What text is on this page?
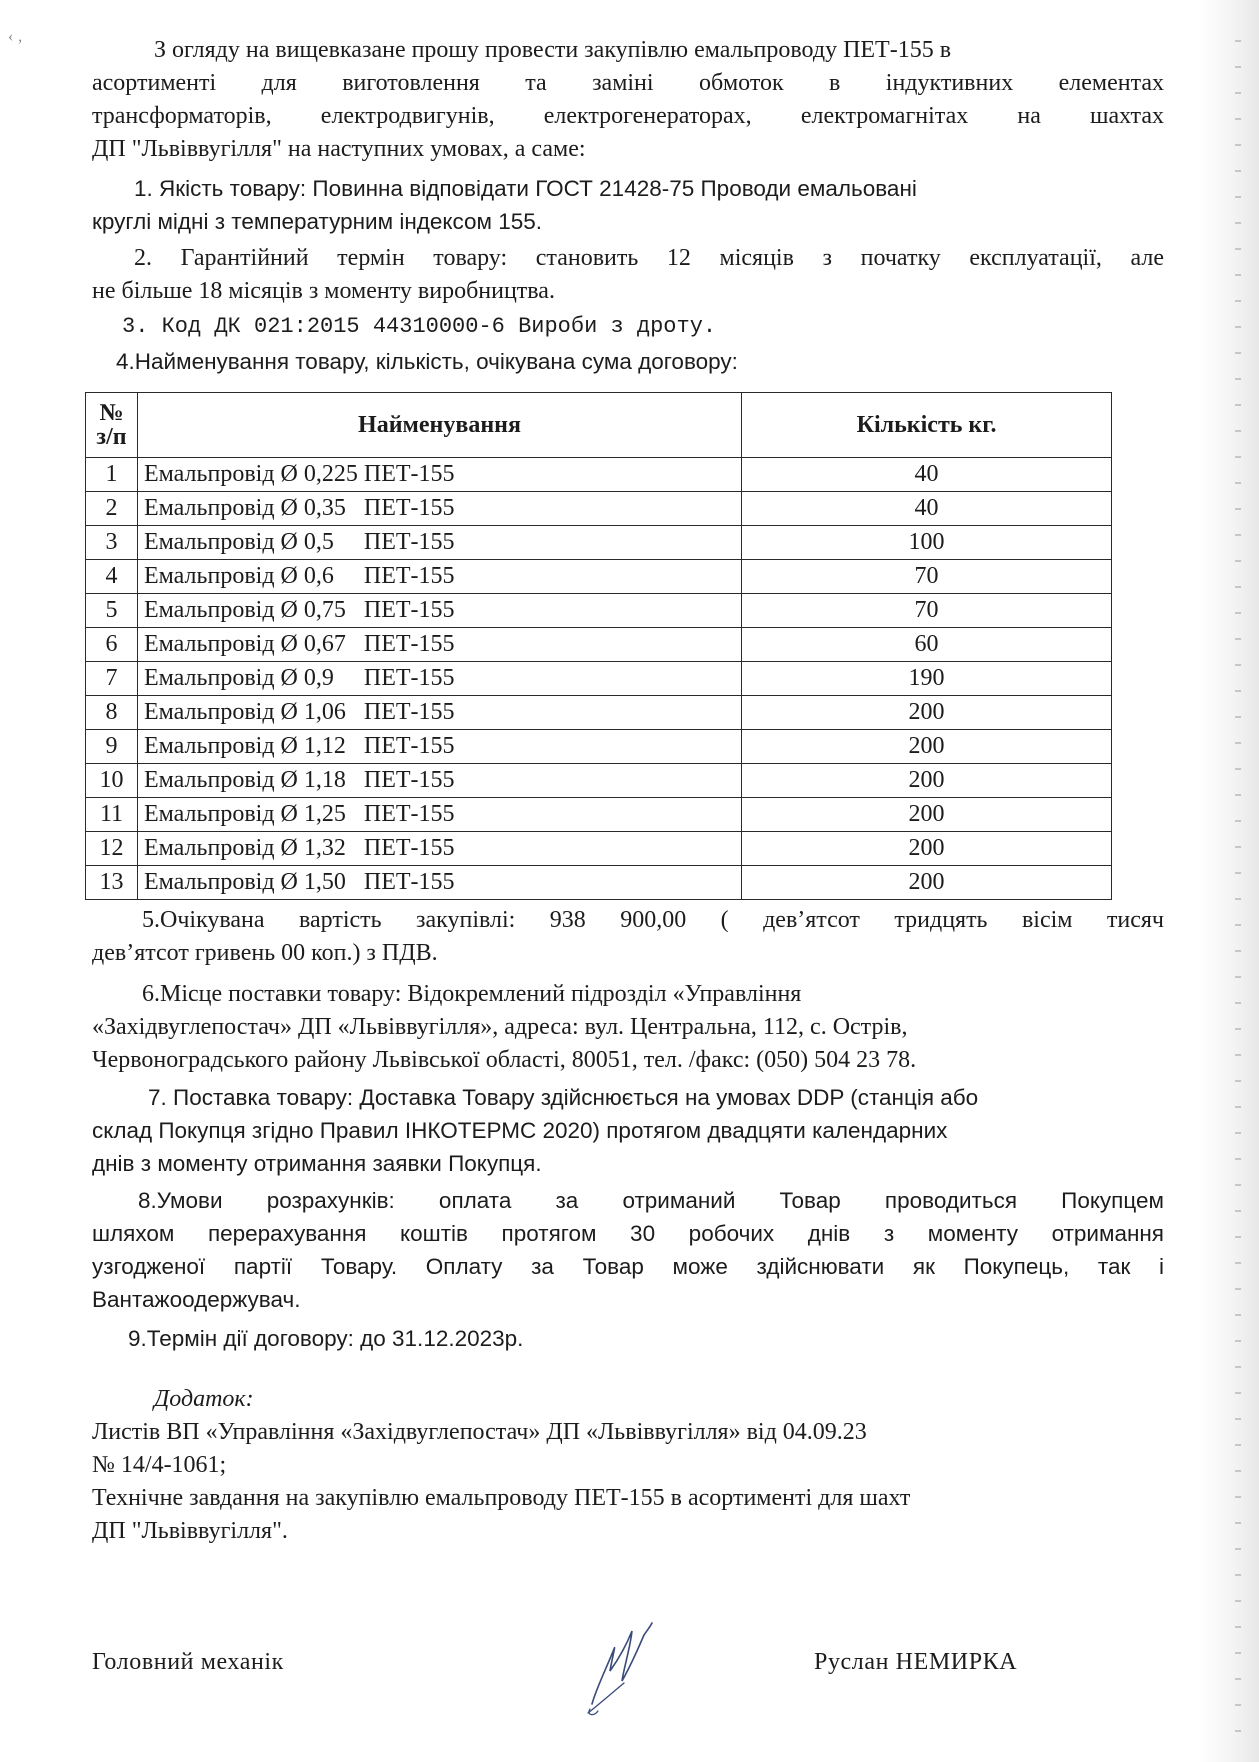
‹ ‚

З огляду на вищевказане прошу провести закупівлю емальпроводу ПЕТ-155 в

асортименті для виготовлення та заміні обмоток в індуктивних елементах

трансформаторів, електродвигунів, електрогенераторах, електромагнітах на шахтах

ДП "Львіввугілля" на наступних умовах, а саме:

1. Якість товару: Повинна відповідати ГОСТ 21428-75 Проводи емальовані

круглі мідні з температурним індексом 155.

2. Гарантійний термін товару: становить 12 місяців з початку експлуатації, але

не більше 18 місяців з моменту виробництва.

3. Код ДК 021:2015 44310000-6 Вироби з дроту.

4.Найменування товару, кількість, очікувана сума договору:

№ з/п	Найменування	Кількість кг.
1	Емальпровід Ø 0,225 ПЕТ-155	40
2	Емальпровід Ø 0,35   ПЕТ-155	40
3	Емальпровід Ø 0,5     ПЕТ-155	100
4	Емальпровід Ø 0,6     ПЕТ-155	70
5	Емальпровід Ø 0,75   ПЕТ-155	70
6	Емальпровід Ø 0,67   ПЕТ-155	60
7	Емальпровід Ø 0,9     ПЕТ-155	190
8	Емальпровід Ø 1,06   ПЕТ-155	200
9	Емальпровід Ø 1,12   ПЕТ-155	200
10	Емальпровід Ø 1,18   ПЕТ-155	200
11	Емальпровід Ø 1,25   ПЕТ-155	200
12	Емальпровід Ø 1,32   ПЕТ-155	200
13	Емальпровід Ø 1,50   ПЕТ-155	200

5.Очікувана вартість закупівлі: 938 900,00 ( дев’ятсот тридцять вісім тисяч

дев’ятсот гривень 00 коп.) з ПДВ.

6.Місце поставки товару: Відокремлений підрозділ «Управління

«Західвуглепостач» ДП «Львіввугілля», адреса: вул. Центральна, 112, с. Острів,

Червоноградського району Львівської області, 80051, тел. /факс: (050) 504 23 78.

7. Поставка товару: Доставка Товару здійснюється на умовах DDP (станція або

склад Покупця згідно Правил ІНКОТЕРМС 2020) протягом двадцяти календарних

днів з моменту отримання заявки Покупця.

8.Умови розрахунків: оплата за отриманий Товар проводиться Покупцем

шляхом перерахування коштів протягом 30 робочих днів з моменту отримання

узгодженої партії Товару. Оплату за Товар може здійснювати як Покупець, так і

Вантажоодержувач.

9.Термін дії договору: до 31.12.2023р.

Додаток:

Листів ВП «Управління «Західвуглепостач» ДП «Львіввугілля» від 04.09.23

№ 14/4-1061;

Технічне завдання на закупівлю емальпроводу ПЕТ-155 в асортименті для шахт

ДП "Львіввугілля".

Головний механік	Руслан НЕМИРКА
